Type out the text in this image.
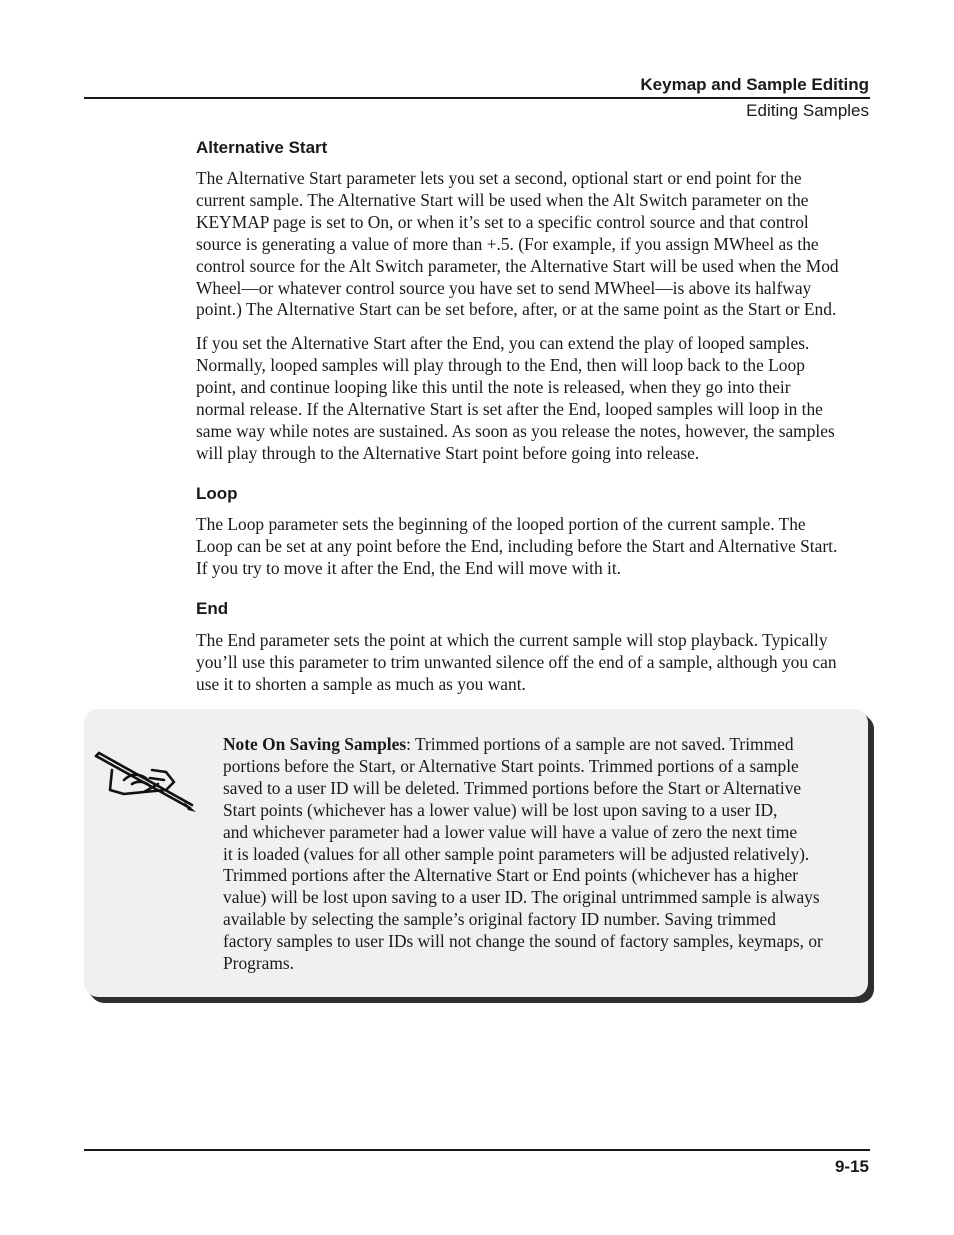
Keymap and Sample Editing
Editing Samples
Alternative Start
The Alternative Start parameter lets you set a second, optional start or end point for the
current sample. The Alternative Start will be used when the Alt Switch parameter on the
KEYMAP page is set to On, or when it’s set to a specific control source and that control
source is generating a value of more than +.5. (For example, if you assign MWheel as the
control source for the Alt Switch parameter, the Alternative Start will be used when the Mod
Wheel—or whatever control source you have set to send MWheel—is above its halfway
point.) The Alternative Start can be set before, after, or at the same point as the Start or End.
If you set the Alternative Start after the End, you can extend the play of looped samples.
Normally, looped samples will play through to the End, then will loop back to the Loop
point, and continue looping like this until the note is released, when they go into their
normal release. If the Alternative Start is set after the End, looped samples will loop in the
same way while notes are sustained. As soon as you release the notes, however, the samples
will play through to the Alternative Start point before going into release.
Loop
The Loop parameter sets the beginning of the looped portion of the current sample. The
Loop can be set at any point before the End, including before the Start and Alternative Start.
If you try to move it after the End, the End will move with it.
End
The End parameter sets the point at which the current sample will stop playback. Typically
you’ll use this parameter to trim unwanted silence off the end of a sample, although you can
use it to shorten a sample as much as you want.
Note On Saving Samples: Trimmed portions of a sample are not saved. Trimmed
portions before the Start, or Alternative Start points. Trimmed portions of a sample
saved to a user ID will be deleted. Trimmed portions before the Start or Alternative
Start points (whichever has a lower value) will be lost upon saving to a user ID,
and whichever parameter had a lower value will have a value of zero the next time
it is loaded (values for all other sample point parameters will be adjusted relatively).
Trimmed portions after the Alternative Start or End points (whichever has a higher
value) will be lost upon saving to a user ID. The original untrimmed sample is always
available by selecting the sample’s original factory ID number. Saving trimmed
factory samples to user IDs will not change the sound of factory samples, keymaps, or
Programs.
9-15
